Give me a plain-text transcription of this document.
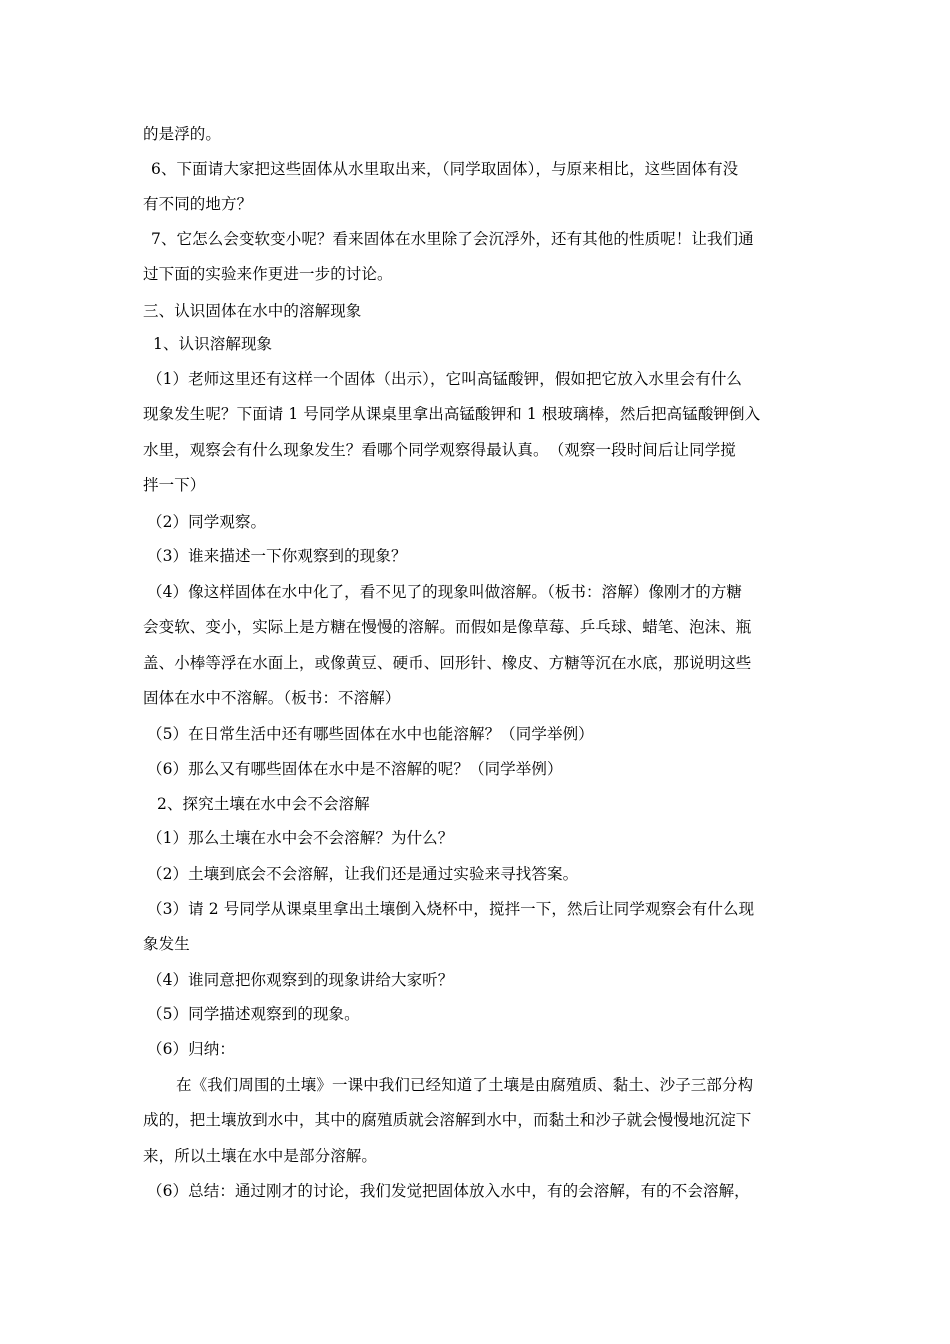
的是浮的。
6、下面请大家把这些固体从水里取出来，（同学取固体），与原来相比，这些固体有没
有不同的地方？
7、它怎么会变软变小呢？看来固体在水里除了会沉浮外，还有其他的性质呢！让我们通
过下面的实验来作更进一步的讨论。
三、认识固体在水中的溶解现象
1、认识溶解现象
（1）老师这里还有这样一个固体（出示），它叫高锰酸钾，假如把它放入水里会有什么
现象发生呢？下面请 1 号同学从课桌里拿出高锰酸钾和 1 根玻璃棒，然后把高锰酸钾倒入
水里，观察会有什么现象发生？看哪个同学观察得最认真。　（观察一段时间后让同学搅
拌一下）
（2）同学观察。
（3）谁来描述一下你观察到的现象？
（4）像这样固体在水中化了，看不见了的现象叫做溶解。（板书：溶解）像刚才的方糖
会变软、变小，实际上是方糖在慢慢的溶解。而假如是像草莓、乒乓球、蜡笔、泡沫、瓶
盖、小棒等浮在水面上，或像黄豆、硬币、回形针、橡皮、方糖等沉在水底，那说明这些
固体在水中不溶解。（板书：不溶解）
（5）在日常生活中还有哪些固体在水中也能溶解？（同学举例）
（6）那么又有哪些固体在水中是不溶解的呢？（同学举例）
2、探究土壤在水中会不会溶解
（1）那么土壤在水中会不会溶解？为什么？
（2）土壤到底会不会溶解，让我们还是通过实验来寻找答案。
（3）请 2 号同学从课桌里拿出土壤倒入烧杯中，搅拌一下，然后让同学观察会有什么现
象发生
（4）谁同意把你观察到的现象讲给大家听？
（5）同学描述观察到的现象。
（6）归纳：
在《我们周围的土壤》一课中我们已经知道了土壤是由腐殖质、黏土、沙子三部分构
成的，把土壤放到水中，其中的腐殖质就会溶解到水中，而黏土和沙子就会慢慢地沉淀下
来，所以土壤在水中是部分溶解。
（6）总结：通过刚才的讨论，我们发觉把固体放入水中，有的会溶解，有的不会溶解，
